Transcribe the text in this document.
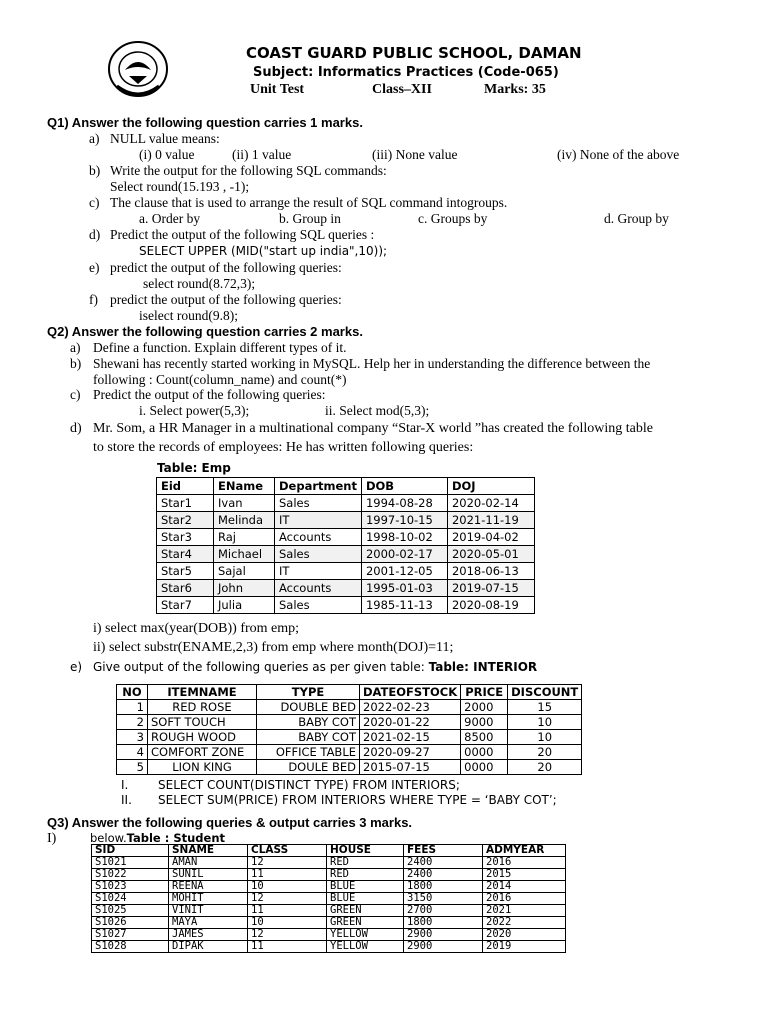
COAST GUARD PUBLIC SCHOOL, DAMAN
Subject: Informatics Practices (Code-065)
Unit Test	Class–XII	Marks: 35
Q1) Answer the following question carries 1 marks.
a) NULL value means:
(i) 0 value	(ii) 1 value	(iii) None value	(iv) None of the above
b) Write the output for the following SQL commands:
Select round(15.193 , -1);
c) The clause that is used to arrange the result of SQL command intogroups.
a. Order by	b. Group in	c. Groups by	d. Group by
d) Predict the output of the following SQL queries :
SELECT UPPER (MID("start up india",10));
e) predict the output of the following queries:
select round(8.72,3);
f) predict the output of the following queries:
iselect round(9.8);
Q2) Answer the following question carries 2 marks.
a) Define a function. Explain different types of it.
b) Shewani has recently started working in MySQL. Help her in understanding the difference between the
following : Count(column_name) and count(*)
c) Predict the output of the following queries:
i. Select power(5,3);	ii. Select mod(5,3);
d) Mr. Som, a HR Manager in a multinational company “Star-X world ”has created the following table
to store the records of employees: He has written following queries:
Table: Emp
Eid	EName	Department	DOB	DOJ
Star1	Ivan	Sales	1994-08-28	2020-02-14
Star2	Melinda	IT	1997-10-15	2021-11-19
Star3	Raj	Accounts	1998-10-02	2019-04-02
Star4	Michael	Sales	2000-02-17	2020-05-01
Star5	Sajal	IT	2001-12-05	2018-06-13
Star6	John	Accounts	1995-01-03	2019-07-15
Star7	Julia	Sales	1985-11-13	2020-08-19
i) select max(year(DOB)) from emp;
ii) select substr(ENAME,2,3) from emp where month(DOJ)=11;
e) Give output of the following queries as per given table: Table: INTERIOR
NO	ITEMNAME	TYPE	DATEOFSTOCK	PRICE	DISCOUNT
1	RED ROSE	DOUBLE BED	2022-02-23	2000	15
2	SOFT TOUCH	BABY COT	2020-01-22	9000	10
3	ROUGH WOOD	BABY COT	2021-02-15	8500	10
4	COMFORT ZONE	OFFICE TABLE	2020-09-27	0000	20
5	LION KING	DOULE BED	2015-07-15	0000	20
I. SELECT COUNT(DISTINCT TYPE) FROM INTERIORS;
II. SELECT SUM(PRICE) FROM INTERIORS WHERE TYPE = ‘BABY COT’;
Q3) Answer the following queries & output carries 3 marks.
I)	below.Table : Student
SID	SNAME	CLASS	HOUSE	FEES	ADMYEAR
S1021	AMAN	12	RED	2400	2016
S1022	SUNIL	11	RED	2400	2015
S1023	REENA	10	BLUE	1800	2014
S1024	MOHIT	12	BLUE	3150	2016
S1025	VINIT	11	GREEN	2700	2021
S1026	MAYA	10	GREEN	1800	2022
S1027	JAMES	12	YELLOW	2900	2020
S1028	DIPAK	11	YELLOW	2900	2019
